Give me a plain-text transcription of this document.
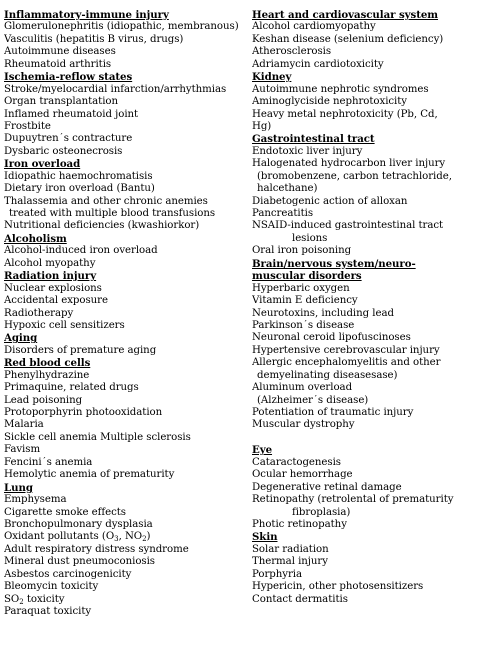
Inflammatory-immune injury
Glomerulonephritis (idiopathic, membranous)
Vasculitis (hepatitis B virus, drugs)
Autoimmune diseases
Rheumatoid arthritis
Ischemia-reflow states
Stroke/myelocardial infarction/arrhythmias
Organ transplantation
Inflamed rheumatoid joint
Frostbite
Dupuytren´s contracture
Dysbaric osteonecrosis
Iron overload
Idiopathic haemochromatisis
Dietary iron overload (Bantu)
Thalassemia and other chronic anemies
treated with multiple blood transfusions
Nutritional deficiencies (kwashiorkor)
Alcoholism
Alcohol-induced iron overload
Alcohol myopathy
Radiation injury
Nuclear explosions
Accidental exposure
Radiotherapy
Hypoxic cell sensitizers
Aging
Disorders of premature aging
Red blood cells
Phenylhydrazine
Primaquine, related drugs
Lead poisoning
Protoporphyrin photooxidation
Malaria
Sickle cell anemia Multiple sclerosis
Favism
Fencini´s anemia
Hemolytic anemia of prematurity
Lung
Emphysema
Cigarette smoke effects
Bronchopulmonary dysplasia
Oxidant pollutants ($O_3$, $NO_2$)
Adult respiratory distress syndrome
Mineral dust pneumoconiosis
Asbestos carcinogenicity
Bleomycin toxicity
$SO_2$ toxicity
Paraquat toxicity
Heart and cardiovascular system
Alcohol cardiomyopathy
Keshan disease (selenium deficiency)
Atherosclerosis
Adriamycin cardiotoxicity
Kidney
Autoimmune nephrotic syndromes
Aminoglyciside nephrotoxicity
Heavy metal nephrotoxicity (Pb, Cd,
Hg)
Gastrointestinal tract
Endotoxic liver injury
Halogenated hydrocarbon liver injury
(bromobenzene, carbon tetrachloride,
halcethane)
Diabetogenic action of alloxan
Pancreatitis
NSAID-induced gastrointestinal tract
lesions
Oral iron poisoning
Brain/nervous system/neuro-
muscular disorders
Hyperbaric oxygen
Vitamin E deficiency
Neurotoxins, including lead
Parkinson´s disease
Neuronal ceroid lipofuscinoses
Hypertensive cerebrovascular injury
Allergic encephalomyelitis and other
demyelinating diseasesase)
Aluminum overload
(Alzheimer´s disease)
Potentiation of traumatic injury
Muscular dystrophy
Eye
Cataractogenesis
Ocular hemorrhage
Degenerative retinal damage
Retinopathy (retrolental of prematurity
fibroplasia)
Photic retinopathy
Skin
Solar radiation
Thermal injury
Porphyria
Hypericin, other photosensitizers
Contact dermatitis
